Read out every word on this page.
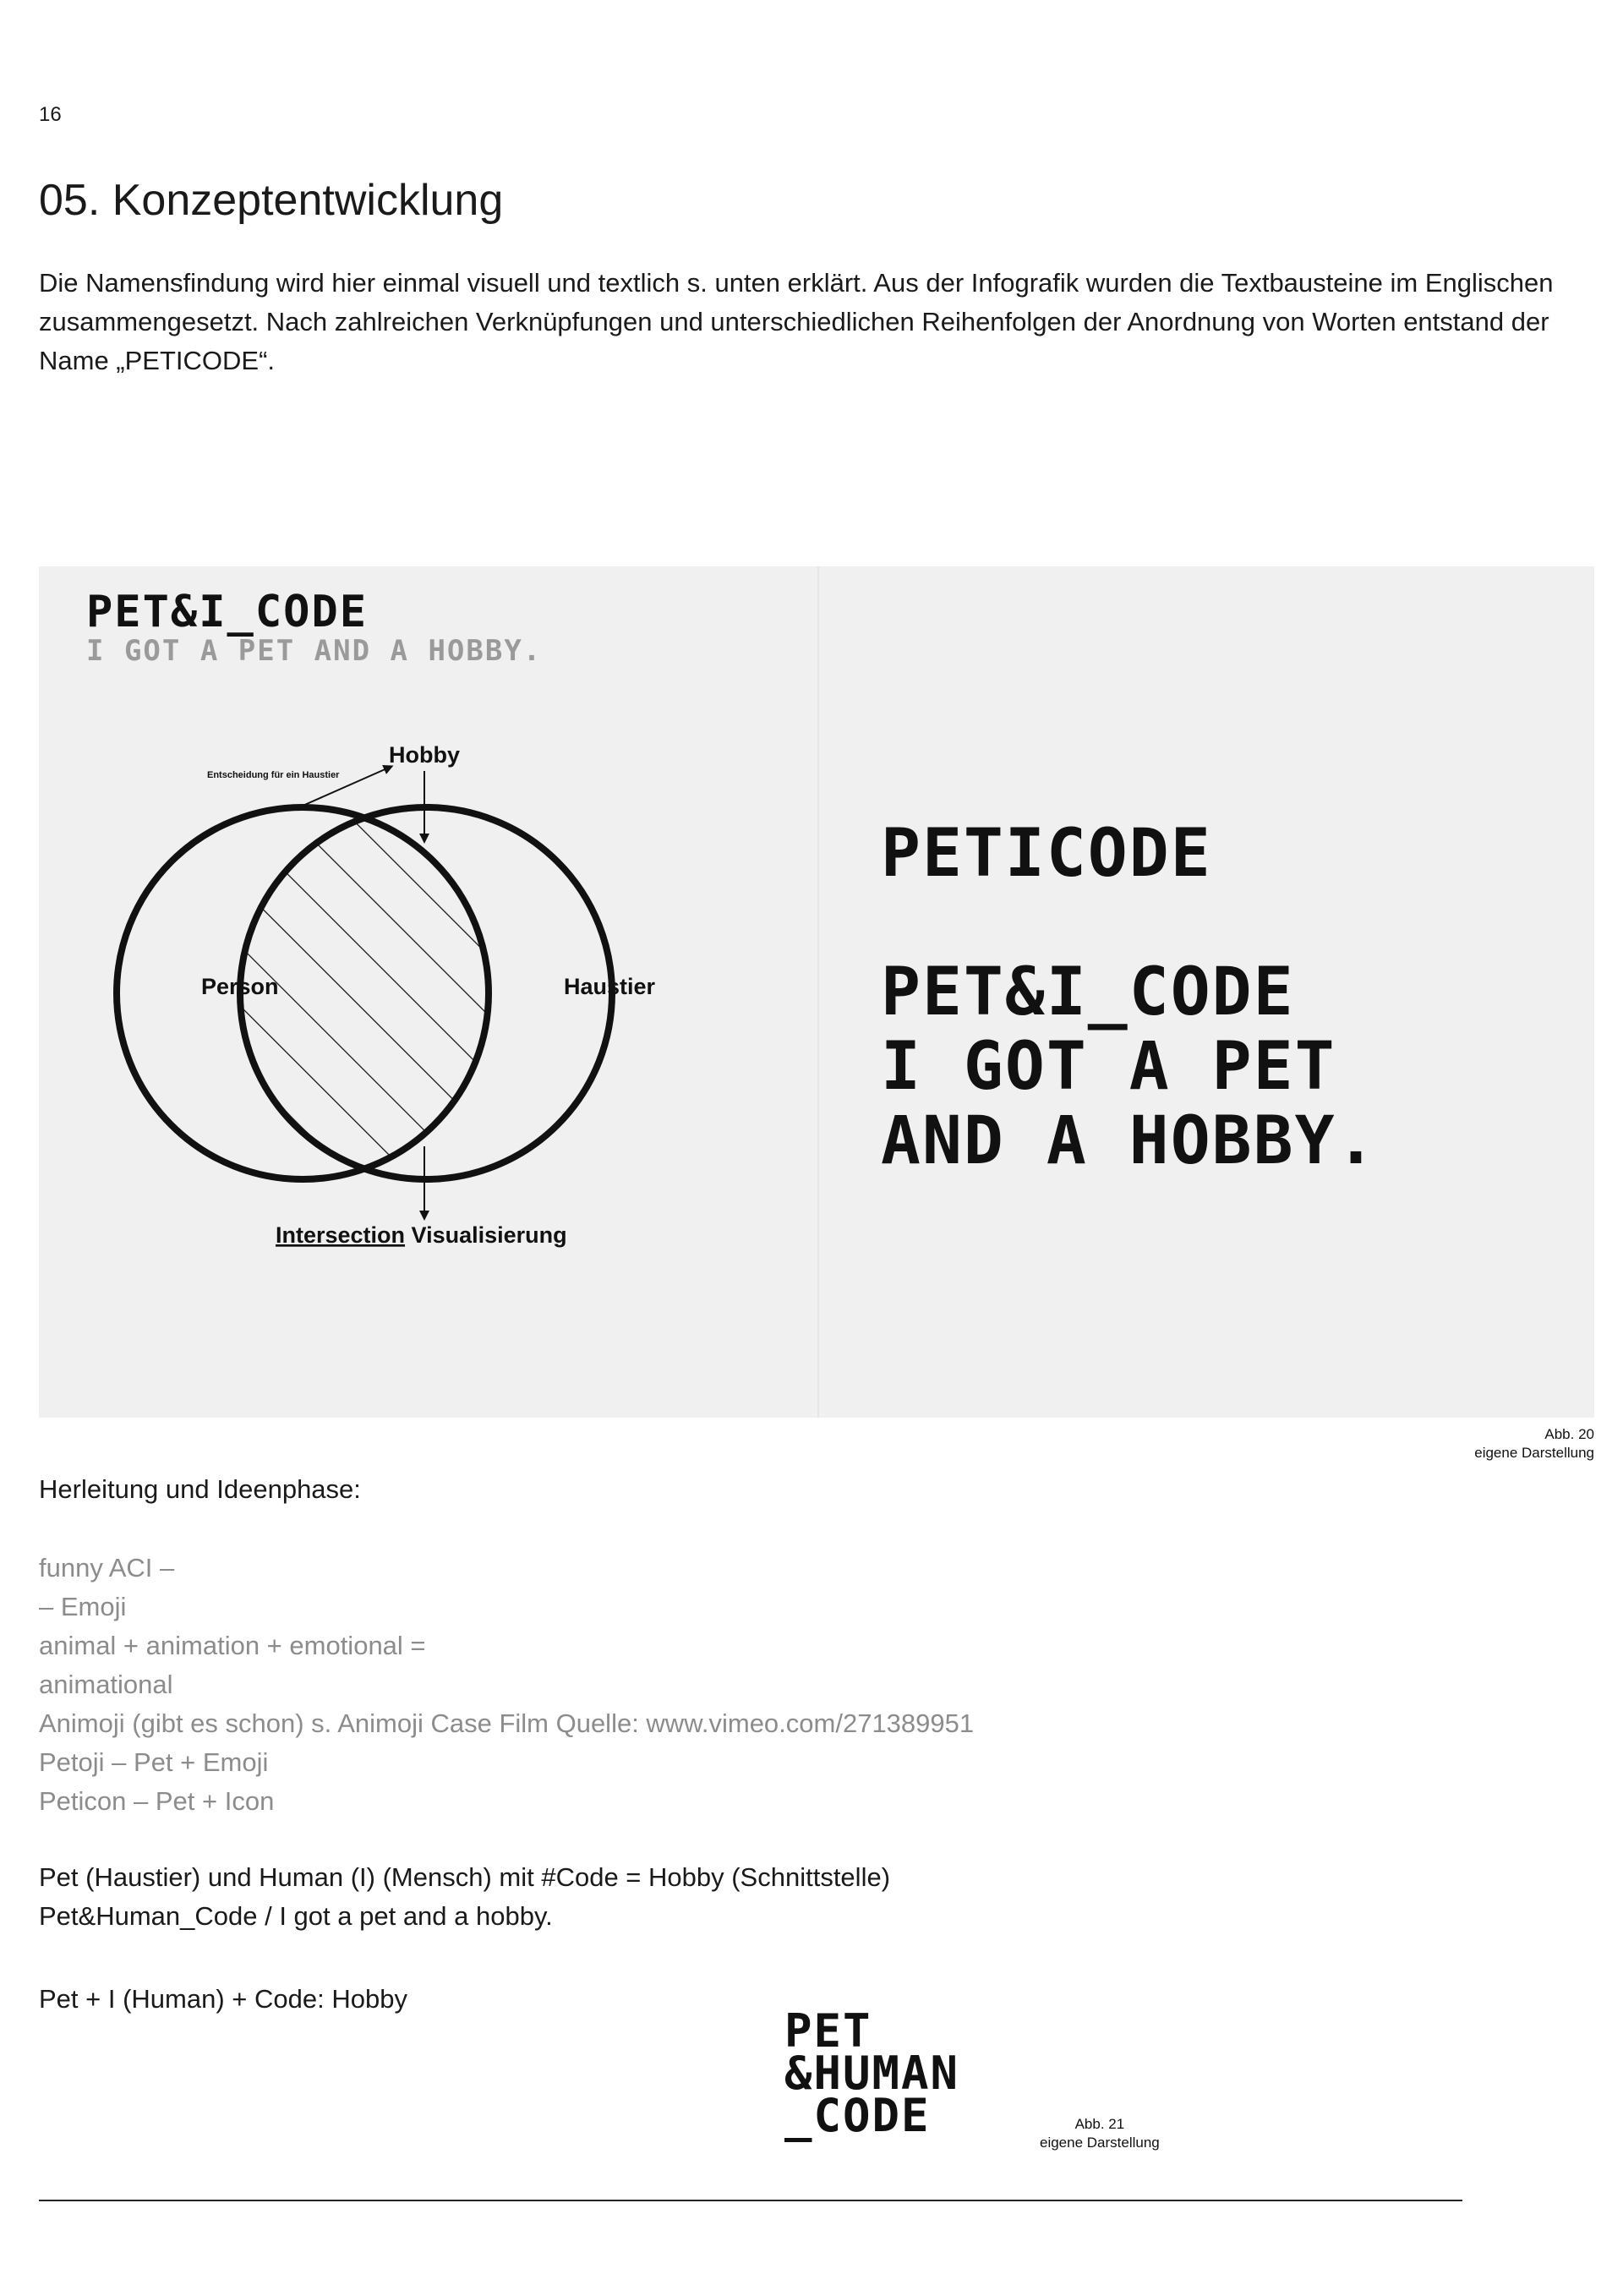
16
05. Konzeptentwicklung

Die Namensfindung wird hier einmal visuell und textlich s. unten erklärt. Aus der Infografik wurden die Textbausteine im Englischen zusammengesetzt. Nach zahlreichen Verknüpfungen und unterschiedlichen Reihenfolgen der Anordnung von Worten entstand der Name „PETICODE“.

PET&I_CODE
I GOT A PET AND A HOBBY.
Hobby
Entscheidung für ein Haustier
Person	Haustier
Intersection Visualisierung
PETICODE
PET&I_CODE
I GOT A PET
AND A HOBBY.
Abb. 20
eigene Darstellung
Herleitung und Ideenphase:
funny ACI –
– Emoji
animal + animation + emotional =
animational
Animoji (gibt es schon) s. Animoji Case Film Quelle: www.vimeo.com/271389951
Petoji – Pet + Emoji
Peticon – Pet + Icon

Pet (Haustier) und Human (I) (Mensch) mit #Code = Hobby (Schnittstelle)
Pet&Human_Code / I got a pet and a hobby.

Pet + I (Human) + Code: Hobby

PET
&HUMAN
_CODE	Abb. 21
eigene Darstellung
